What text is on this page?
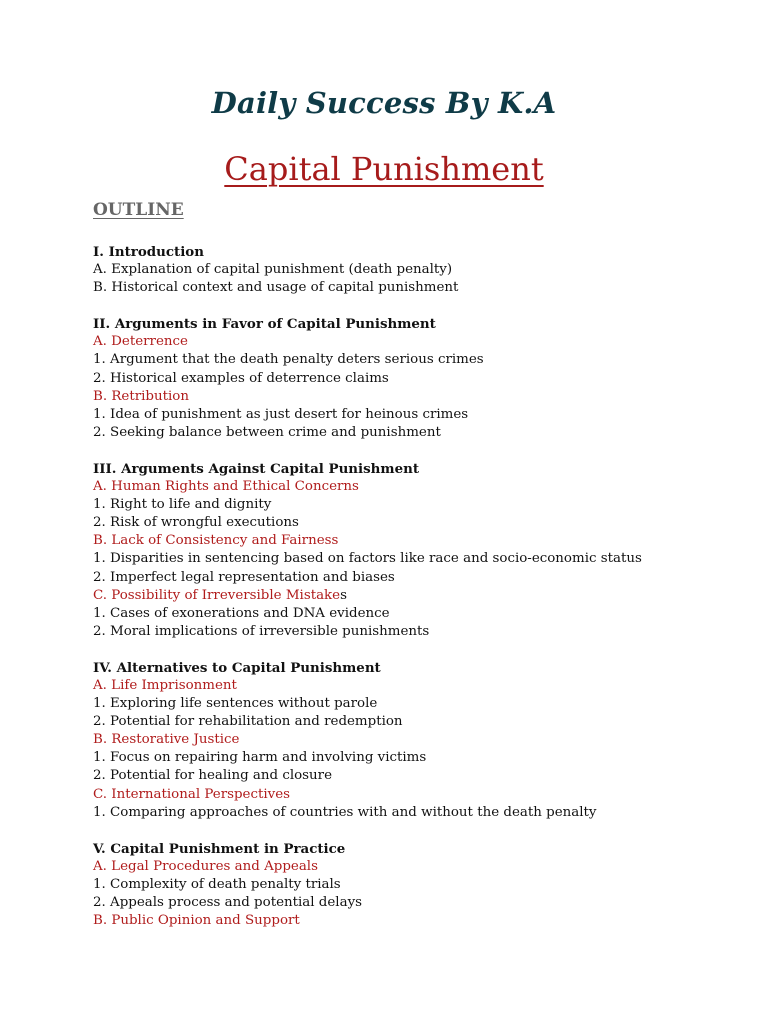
Daily Success By K.A
Capital Punishment
OUTLINE
I. Introduction
A. Explanation of capital punishment (death penalty)
B. Historical context and usage of capital punishment
II. Arguments in Favor of Capital Punishment
A. Deterrence
1. Argument that the death penalty deters serious crimes
2. Historical examples of deterrence claims
B. Retribution
1. Idea of punishment as just desert for heinous crimes
2. Seeking balance between crime and punishment
III. Arguments Against Capital Punishment
A. Human Rights and Ethical Concerns
1. Right to life and dignity
2. Risk of wrongful executions
B. Lack of Consistency and Fairness
1. Disparities in sentencing based on factors like race and socio-economic status
2. Imperfect legal representation and biases
C. Possibility of Irreversible Mistakes
1. Cases of exonerations and DNA evidence
2. Moral implications of irreversible punishments
IV. Alternatives to Capital Punishment
A. Life Imprisonment
1. Exploring life sentences without parole
2. Potential for rehabilitation and redemption
B. Restorative Justice
1. Focus on repairing harm and involving victims
2. Potential for healing and closure
C. International Perspectives
1. Comparing approaches of countries with and without the death penalty
V. Capital Punishment in Practice
A. Legal Procedures and Appeals
1. Complexity of death penalty trials
2. Appeals process and potential delays
B. Public Opinion and Support
